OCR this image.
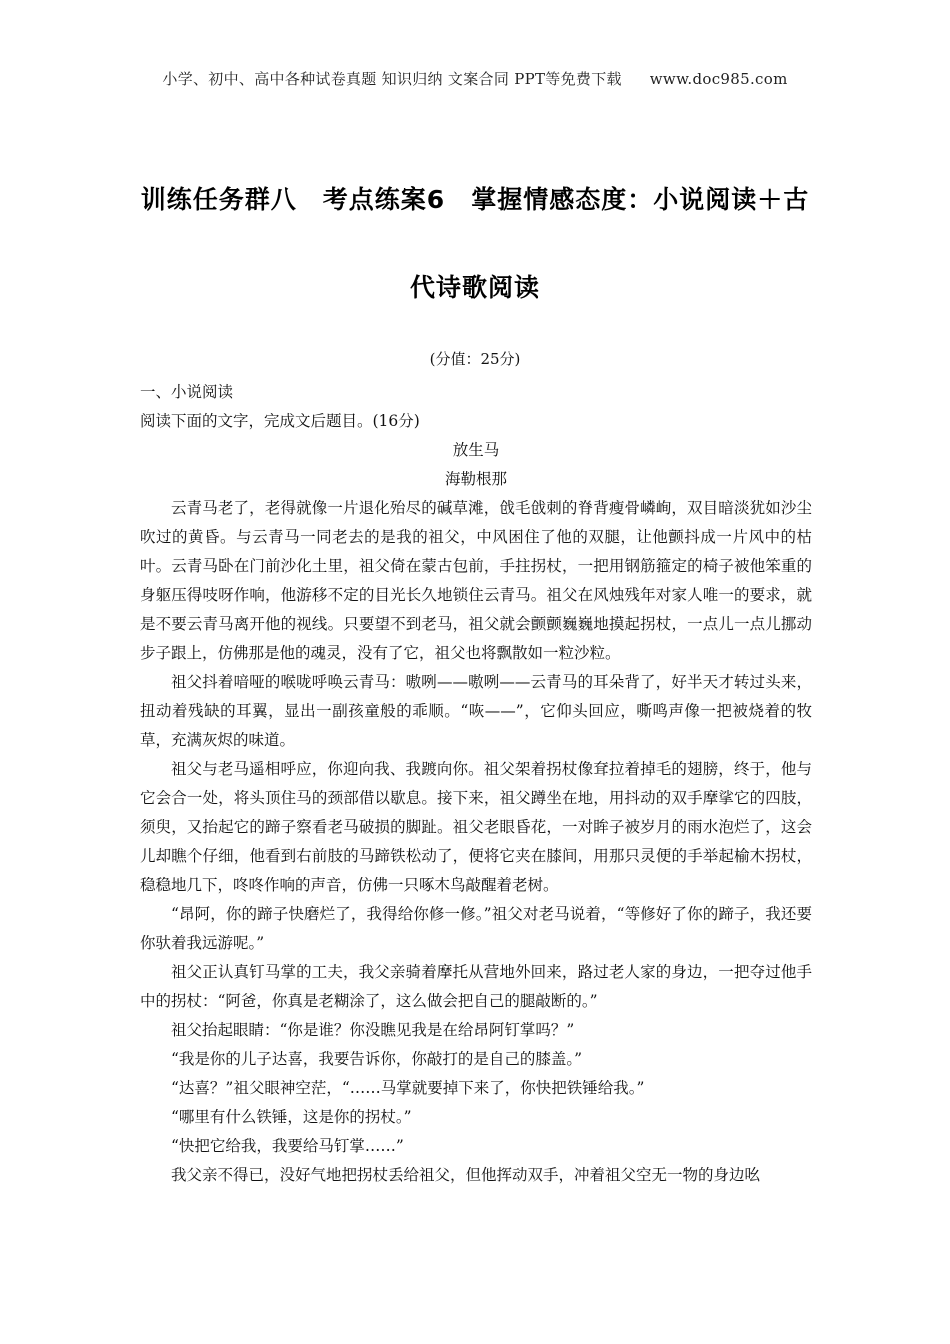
小学、初中、高中各种试卷真题 知识归纳 文案合同 PPT等免费下载 www.doc985.com
训练任务群八　考点练案6　掌握情感态度：小说阅读＋古
代诗歌阅读
(分值：25分)

一、小说阅读

阅读下面的文字，完成文后题目。(16分)

放生马

海勒根那

云青马老了，老得就像一片退化殆尽的碱草滩，戗毛戗刺的脊背瘦骨嶙峋，双目暗淡犹如沙尘吹过的黄昏。与云青马一同老去的是我的祖父，中风困住了他的双腿，让他颤抖成一片风中的枯叶。云青马卧在门前沙化土里，祖父倚在蒙古包前，手拄拐杖，一把用钢筋箍定的椅子被他笨重的身躯压得吱呀作响，他游移不定的目光长久地锁住云青马。祖父在风烛残年对家人唯一的要求，就是不要云青马离开他的视线。只要望不到老马，祖父就会颤颤巍巍地摸起拐杖，一点儿一点儿挪动步子跟上，仿佛那是他的魂灵，没有了它，祖父也将飘散如一粒沙粒。

祖父抖着喑哑的喉咙呼唤云青马：嗷咧——嗷咧——云青马的耳朵背了，好半天才转过头来，扭动着残缺的耳翼，显出一副孩童般的乖顺。“咴——”，它仰头回应，嘶鸣声像一把被烧着的牧草，充满灰烬的味道。

祖父与老马遥相呼应，你迎向我、我踱向你。祖父架着拐杖像耷拉着掉毛的翅膀，终于，他与它会合一处，将头顶住马的颈部借以歇息。接下来，祖父蹲坐在地，用抖动的双手摩挲它的四肢，须臾，又抬起它的蹄子察看老马破损的脚趾。祖父老眼昏花，一对眸子被岁月的雨水泡烂了，这会儿却瞧个仔细，他看到右前肢的马蹄铁松动了，便将它夹在膝间，用那只灵便的手举起榆木拐杖，稳稳地几下，咚咚作响的声音，仿佛一只啄木鸟敲醒着老树。

“昂阿，你的蹄子快磨烂了，我得给你修一修。”祖父对老马说着，“等修好了你的蹄子，我还要你驮着我远游呢。”

祖父正认真钉马掌的工夫，我父亲骑着摩托从营地外回来，路过老人家的身边，一把夺过他手中的拐杖：“阿爸，你真是老糊涂了，这么做会把自己的腿敲断的。”

祖父抬起眼睛：“你是谁？你没瞧见我是在给昂阿钉掌吗？”

“我是你的儿子达喜，我要告诉你，你敲打的是自己的膝盖。”

“达喜？”祖父眼神空茫，“……马掌就要掉下来了，你快把铁锤给我。”

“哪里有什么铁锤，这是你的拐杖。”

“快把它给我，我要给马钉掌……”

我父亲不得已，没好气地把拐杖丢给祖父，但他挥动双手，冲着祖父空无一物的身边吆
